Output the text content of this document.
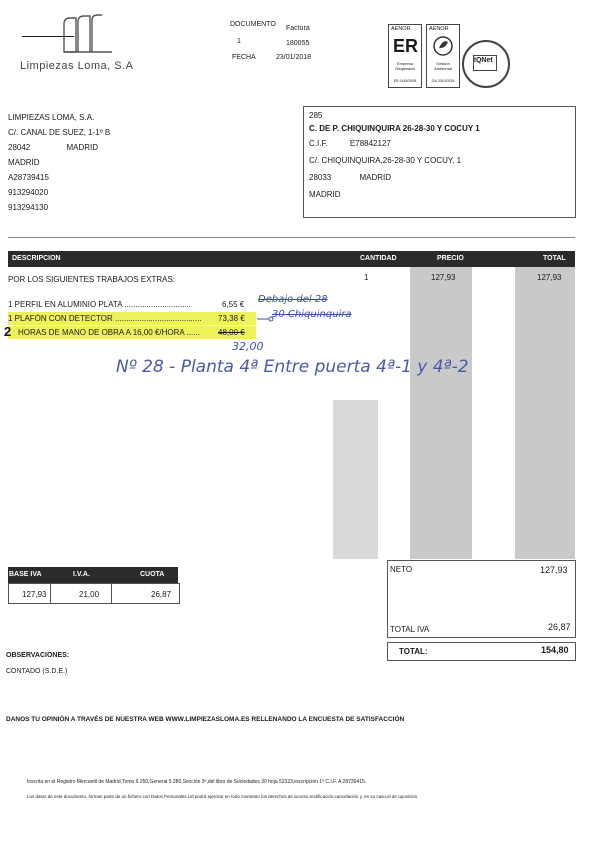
Limpiezas Loma, S.A
DOCUMENTO
Factura
1	180055
FECHA	23/01/2018
AENOR
ER
Empresa Registrada
ER-1454/2008
AENOR
Gestión Ambiental
GA-2010/0334
IQNet
LIMPIEZAS LOMA, S.A.
C/. CANAL DE SUEZ, 1-1º B
28042	MADRID
MADRID
A28739415
913294020
913294130
285
C. DE P. CHIQUINQUIRA 26-28-30 Y COCUY 1
C.I.F.	E78842127
C/. CHIQUINQUIRA,26-28-30 Y COCUY, 1
28033	MADRID
MADRID
DESCRIPCION	CANTIDAD	PRECIO	TOTAL
POR LOS SIGUIENTES TRABAJOS EXTRAS:	1	127,93	127,93
1 PERFIL EN ALUMINIO PLATA ..............................	6,55 € Debajo del 28
1 PLAFÓN CON DETECTOR ....................................... 73,38 €	30 Chiquinquira
2 HORAS DE MANO DE OBRA A 16,00 €/HORA ...... 48,00 €
32,00
Nº 28 - Planta 4ª Entre puerta 4ª-1 y 4ª-2
BASE IVA	I.V.A.	CUOTA
127,93	21,00	26,87
NETO	127,93
TOTAL IVA	26,87
TOTAL:	154,80
OBSERVACIONES:
CONTADO (S.D.E.)
DANOS TU OPINIÓN A TRAVÉS DE NUESTRA WEB WWW.LIMPIEZASLOMA.ES RELLENANDO LA ENCUESTA DE SATISFACCIÓN
Inscrita en el Registro Mercantil de Madrid,Tomo 6.250,General 5.280,Sección 3ª,del libro de Sociedades 30 hoja 52323,inscripción 1ª C.I.F. A 28739415.
Los datos de este documento, forman parte de un fichero con Datos Personales.Ud podrá ejercitar en todo momento los derechos de acceso,rectificación,cancelación y, en su caso,el de oposición.
